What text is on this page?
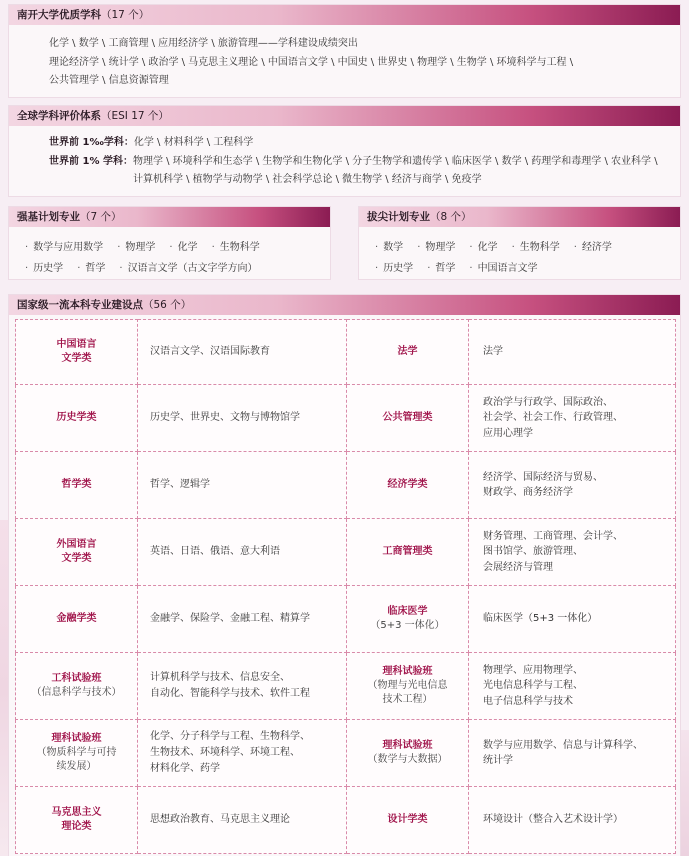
南开大学优质学科（17 个）
化学 \ 数学 \ 工商管理 \ 应用经济学 \ 旅游管理——学科建设成绩突出
理论经济学 \ 统计学 \ 政治学 \ 马克思主义理论 \ 中国语言文学 \ 中国史 \ 世界史 \ 物理学 \ 生物学 \ 环境科学与工程 \
公共管理学 \ 信息资源管理
全球学科评价体系（ESI 17 个）
世界前 1‰学科： 化学 \ 材料科学 \ 工程科学
世界前 1% 学科： 物理学 \ 环境科学和生态学 \ 生物学和生物化学 \ 分子生物学和遗传学 \ 临床医学 \ 数学 \ 药理学和毒理学 \ 农业科学 \ 计算机科学 \ 植物学与动物学 \ 社会科学总论 \ 微生物学 \ 经济与商学 \ 免疫学
强基计划专业（7 个）
· 数学与应用数学	· 物理学	· 化学	· 生物科学
· 历史学	· 哲学	· 汉语言文学（古文字学方向）
拔尖计划专业（8 个）
· 数学	· 物理学	· 化学	· 生物科学	· 经济学
· 历史学	· 哲学	· 中国语言文学
国家级一流本科专业建设点（56 个）
中国语言
文学类	汉语言文学、汉语国际教育	法学	法学
历史学类	历史学、世界史、文物与博物馆学	公共管理类	政治学与行政学、国际政治、
社会学、社会工作、行政管理、
应用心理学
哲学类	哲学、逻辑学	经济学类	经济学、国际经济与贸易、
财政学、商务经济学
外国语言
文学类	英语、日语、俄语、意大利语	工商管理类	财务管理、工商管理、会计学、
图书馆学、旅游管理、
会展经济与管理
金融学类	金融学、保险学、金融工程、精算学	临床医学
（5+3 一体化）	临床医学（5+3 一体化）
工科试验班
（信息科学与技术）	计算机科学与技术、信息安全、
自动化、智能科学与技术、软件工程	理科试验班
（物理与光电信息
技术工程）	物理学、应用物理学、
光电信息科学与工程、
电子信息科学与技术
理科试验班
（物质科学与可持
续发展）	化学、分子科学与工程、生物科学、
生物技术、环境科学、环境工程、
材料化学、药学	理科试验班
（数学与大数据）	数学与应用数学、信息与计算科学、
统计学
马克思主义
理论类	思想政治教育、马克思主义理论	设计学类	环境设计（整合入艺术设计学）
